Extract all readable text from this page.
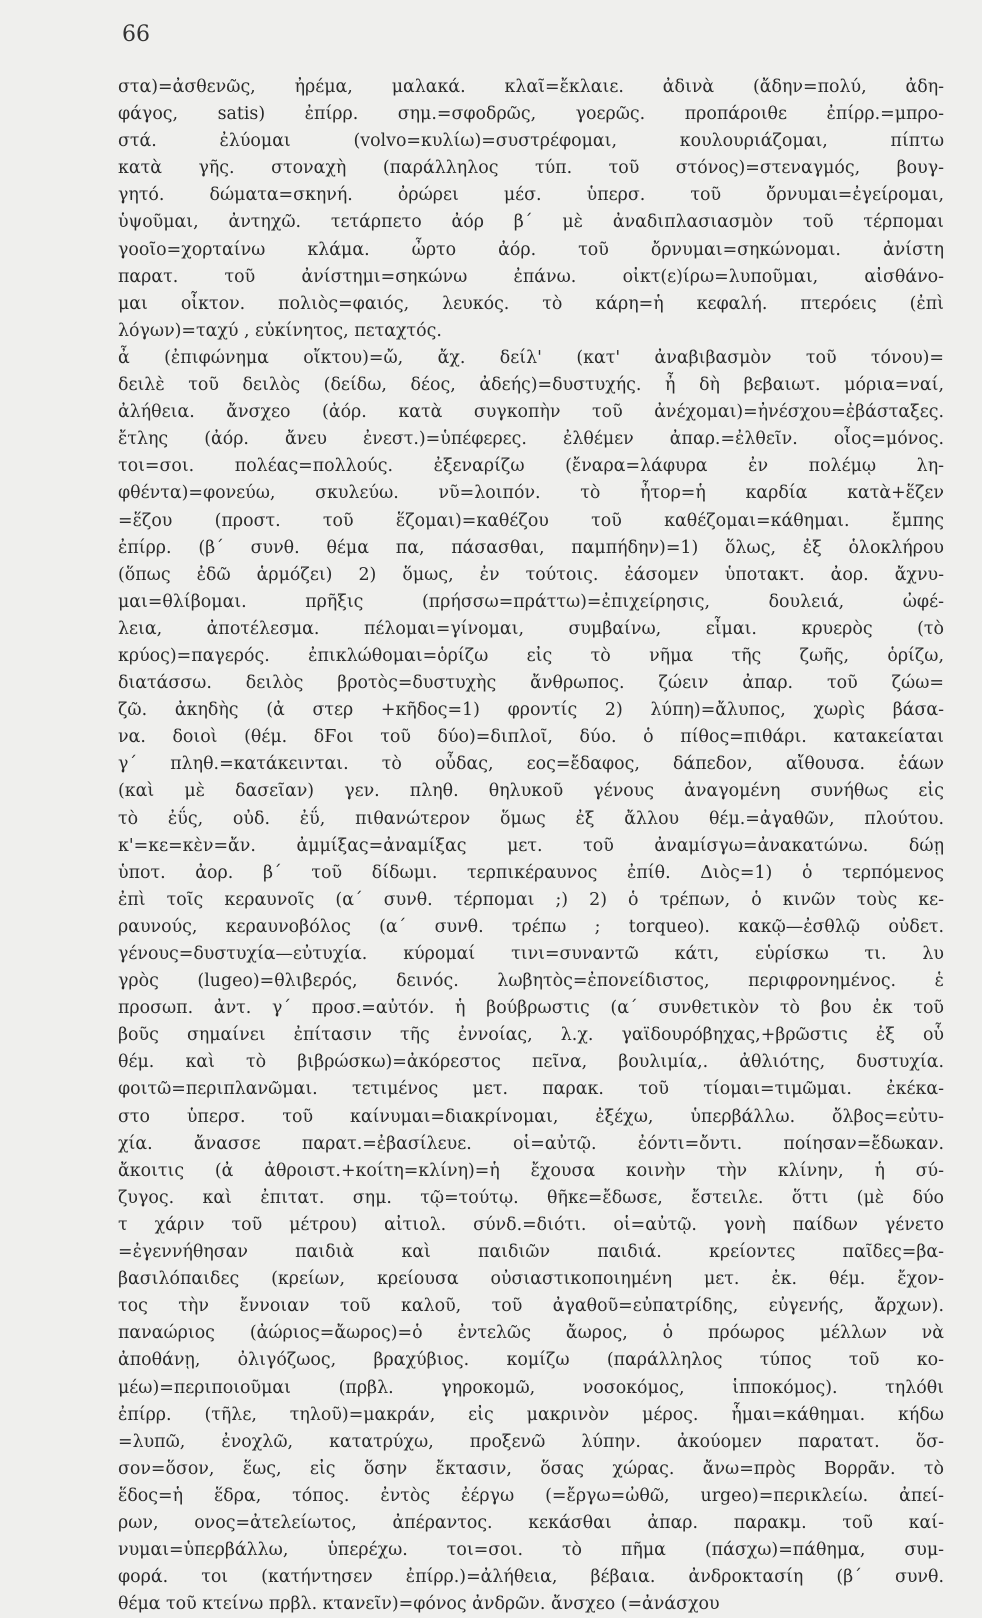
66
στα)=ἀσθενῶς, ἠρέμα, μαλακά. κλαῖ=ἔκλαιε. ἀδινὰ (ἄδην=πολύ, ἀδη-
φάγος, satis) ἐπίρρ. σημ.=σφοδρῶς, γοερῶς. προπάροιθε ἐπίρρ.=μπρο-
στά. ἐλύομαι (volvo=κυλίω)=συστρέφομαι, κουλουριάζομαι, πίπτω
κατὰ γῆς. στοναχὴ (παράλληλος τύπ. τοῦ στόνος)=στεναγμός, βουγ-
γητό. δώματα=σκηνή. ὀρώρει μέσ. ὑπερσ. τοῦ ὄρνυμαι=ἐγείρομαι,
ὑψοῦμαι, ἀντηχῶ. τετάρπετο ἀόρ β΄ μὲ ἀναδιπλασιασμὸν τοῦ τέρπομαι
γοοῖο=χορταίνω κλάμα. ὦρτο ἀόρ. τοῦ ὄρνυμαι=σηκώνομαι. ἀνίστη
παρατ. τοῦ ἀνίστημι=σηκώνω ἐπάνω. οἰκτ(ε)ίρω=λυποῦμαι, αἰσθάνο-
μαι οἶκτον. πολιὸς=φαιός, λευκός. τὸ κάρη=ἡ κεφαλή. πτερόεις (ἐπὶ
λόγων)=ταχύ , εὐκίνητος, πεταχτός.
ἆ (ἐπιφώνημα οἴκτου)=ὤ, ἄχ. δείλ' (κατ' ἀναβιβασμὸν τοῦ τόνου)=
δειλὲ τοῦ δειλὸς (δείδω, δέος, ἀδεής)=δυστυχής. ἦ δὴ βεβαιωτ. μόρια=ναί,
ἀλήθεια. ἄνσχεο (ἀόρ. κατὰ συγκοπὴν τοῦ ἀνέχομαι)=ἠνέσχου=ἐβάσταξες.
ἔτλης (ἀόρ. ἄνευ ἐνεστ.)=ὑπέφερες. ἐλθέμεν ἀπαρ.=ἐλθεῖν. οἶος=μόνος.
τοι=σοι. πολέας=πολλούς. ἐξεναρίζω (ἔναρα=λάφυρα ἐν πολέμῳ λη-
φθέντα)=φονεύω, σκυλεύω. νῦ=λοιπόν. τὸ ἦτορ=ἡ καρδία κατὰ+ἕζεν
=ἕζου (προστ. τοῦ ἕζομαι)=καθέζου τοῦ καθέζομαι=κάθημαι. ἔμπης
ἐπίρρ. (β΄ συνθ. θέμα πα, πάσασθαι, παμπήδην)=1) ὅλως, ἐξ ὁλοκλήρου
(ὅπως ἐδῶ ἁρμόζει) 2) ὅμως, ἐν τούτοις. ἐάσομεν ὑποτακτ. ἀορ. ἄχνυ-
μαι=θλίβομαι. πρῆξις (πρήσσω=πράττω)=ἐπιχείρησις, δουλειά, ὠφέ-
λεια, ἀποτέλεσμα. πέλομαι=γίνομαι, συμβαίνω, εἶμαι. κρυερὸς (τὸ
κρύος)=παγερός. ἐπικλώθομαι=ὁρίζω εἰς τὸ νῆμα τῆς ζωῆς, ὁρίζω,
διατάσσω. δειλὸς βροτὸς=δυστυχὴς ἄνθρωπος. ζώειν ἀπαρ. τοῦ ζώω=
ζῶ. ἀκηδὴς (ἀ στερ +κῆδος=1) φροντίς 2) λύπη)=ἄλυπος, χωρὶς βάσα-
να. δοιοὶ (θέμ. δϜοι τοῦ δύο)=διπλοῖ, δύο. ὁ πίθος=πιθάρι. κατακείαται
γ΄ πληθ.=κατάκεινται. τὸ οὖδας, εος=ἔδαφος, δάπεδον, αἴθουσα. ἑάων
(καὶ μὲ δασεῖαν) γεν. πληθ. θηλυκοῦ γένους ἀναγομένη συνήθως εἰς
τὸ ἐΰς, οὐδ. ἐΰ, πιθανώτερον ὅμως ἐξ ἄλλου θέμ.=ἀγαθῶν, πλούτου.
κ'=κε=κὲν=ἄν. ἀμμίξας=ἀναμίξας μετ. τοῦ ἀναμίσγω=ἀνακατώνω. δώῃ
ὑποτ. ἀορ. β΄ τοῦ δίδωμι. τερπικέραυνος ἐπίθ. Διὸς=1) ὁ τερπόμενος
ἐπὶ τοῖς κεραυνοῖς (α΄ συνθ. τέρπομαι ;) 2) ὁ τρέπων, ὁ κινῶν τοὺς κε-
ραυνούς, κεραυνοβόλος (α΄ συνθ. τρέπω ; torqueo). κακῷ—ἐσθλῷ οὐδετ.
γένους=δυστυχία—εὐτυχία. κύρομαί τινι=συναντῶ κάτι, εὑρίσκω τι. λυ
γρὸς (lugeo)=θλιβερός, δεινός. λωβητὸς=ἐπονείδιστος, περιφρονημένος. ἑ
προσωπ. ἀντ. γ΄ προσ.=αὐτόν. ἡ βούβρωστις (α΄ συνθετικὸν τὸ βου ἐκ τοῦ
βοῦς σημαίνει ἐπίτασιν τῆς ἐννοίας, λ.χ. γαϊδουρόβηχας,+βρῶστις ἐξ οὗ
θέμ. καὶ τὸ βιβρώσκω)=ἀκόρεστος πεῖνα, βουλιμία,. ἀθλιότης, δυστυχία.
φοιτῶ=περιπλανῶμαι. τετιμένος μετ. παρακ. τοῦ τίομαι=τιμῶμαι. ἐκέκα-
στο ὑπερσ. τοῦ καίνυμαι=διακρίνομαι, ἐξέχω, ὑπερβάλλω. ὄλβος=εὐτυ-
χία. ἄνασσε παρατ.=ἐβασίλευε. οἱ=αὐτῷ. ἐόντι=ὄντι. ποίησαν=ἔδωκαν.
ἄκοιτις (ἀ ἀθροιστ.+κοίτη=κλίνη)=ἡ ἔχουσα κοινὴν τὴν κλίνην, ἡ σύ-
ζυγος. καὶ ἐπιτατ. σημ. τῷ=τούτῳ. θῆκε=ἔδωσε, ἔστειλε. ὅττι (μὲ δύο
τ χάριν τοῦ μέτρου) αἰτιολ. σύνδ.=διότι. οἱ=αὐτῷ. γονὴ παίδων γένετο
=ἐγεννήθησαν παιδιὰ καὶ παιδιῶν παιδιά. κρείοντες παῖδες=βα-
βασιλόπαιδες (κρείων, κρείουσα οὐσιαστικοποιημένη μετ. ἐκ. θέμ. ἔχον-
τος τὴν ἔννοιαν τοῦ καλοῦ, τοῦ ἀγαθοῦ=εὐπατρίδης, εὐγενής, ἄρχων).
παναώριος (ἀώριος=ἄωρος)=ὁ ἐντελῶς ἄωρος, ὁ πρόωρος μέλλων νὰ
ἀποθάνῃ, ὀλιγόζωος, βραχύβιος. κομίζω (παράλληλος τύπος τοῦ κο-
μέω)=περιποιοῦμαι (πρβλ. γηροκομῶ, νοσοκόμος, ἱπποκόμος). τηλόθι
ἐπίρρ. (τῆλε, τηλοῦ)=μακράν, εἰς μακρινὸν μέρος. ἧμαι=κάθημαι. κήδω
=λυπῶ, ἐνοχλῶ, κατατρύχω, προξενῶ λύπην. ἀκούομεν παρατατ. ὅσ-
σον=ὅσον, ἕως, εἰς ὅσην ἔκτασιν, ὅσας χώρας. ἄνω=πρὸς Βορρᾶν. τὸ
ἕδος=ἡ ἕδρα, τόπος. ἐντὸς ἐέργω (=ἔργω=ὠθῶ, urgeo)=περικλείω. ἀπεί-
ρων, ονος=ἀτελείωτος, ἀπέραντος. κεκάσθαι ἀπαρ. παρακμ. τοῦ καί-
νυμαι=ὑπερβάλλω, ὑπερέχω. τοι=σοι. τὸ πῆμα (πάσχω)=πάθημα, συμ-
φορά. τοι (κατήντησεν ἐπίρρ.)=ἀλήθεια, βέβαια. ἀνδροκτασίη (β΄ συνθ.
θέμα τοῦ κτείνω πρβλ. κτανεῖν)=φόνος ἀνδρῶν. ἄνσχεο (=ἀνάσχου
